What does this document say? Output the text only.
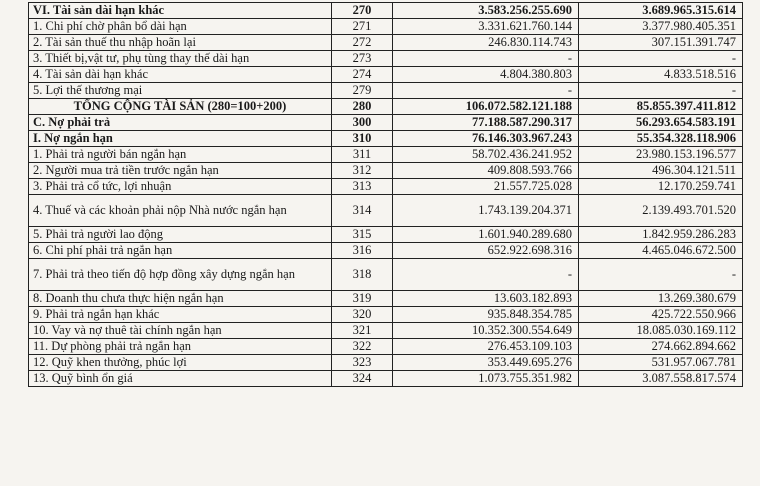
VI. Tài sản dài hạn khác	270	3.583.256.255.690	3.689.965.315.614
1. Chi phí chờ phân bổ dài hạn	271	3.331.621.760.144	3.377.980.405.351
2. Tài sản thuế thu nhập hoãn lại	272	246.830.114.743	307.151.391.747
3. Thiết bị,vật tư, phụ tùng thay thế dài hạn	273	-	-
4. Tài sản dài hạn khác	274	4.804.380.803	4.833.518.516
5. Lợi thế thương mại	279	-	-
TỔNG CỘNG TÀI SẢN (280=100+200)	280	106.072.582.121.188	85.855.397.411.812
C. Nợ phải trả	300	77.188.587.290.317	56.293.654.583.191
I. Nợ ngắn hạn	310	76.146.303.967.243	55.354.328.118.906
1. Phải trả người bán ngắn hạn	311	58.702.436.241.952	23.980.153.196.577
2. Người mua trả tiền trước ngắn hạn	312	409.808.593.766	496.304.121.511
3. Phải trả cổ tức, lợi nhuận	313	21.557.725.028	12.170.259.741
4. Thuế và các khoản phải nộp Nhà nước ngắn hạn	314	1.743.139.204.371	2.139.493.701.520
5. Phải trả người lao động	315	1.601.940.289.680	1.842.959.286.283
6. Chi phí phải trả ngắn hạn	316	652.922.698.316	4.465.046.672.500
7. Phải trả theo tiến độ hợp đồng xây dựng ngắn hạn	318	-	-
8. Doanh thu chưa thực hiện ngắn hạn	319	13.603.182.893	13.269.380.679
9. Phải trả ngắn hạn khác	320	935.848.354.785	425.722.550.966
10. Vay và nợ thuê tài chính ngắn hạn	321	10.352.300.554.649	18.085.030.169.112
11. Dự phòng phải trả ngắn hạn	322	276.453.109.103	274.662.894.662
12. Quỹ khen thưởng, phúc lợi	323	353.449.695.276	531.957.067.781
13. Quỹ bình ổn giá	324	1.073.755.351.982	3.087.558.817.574
